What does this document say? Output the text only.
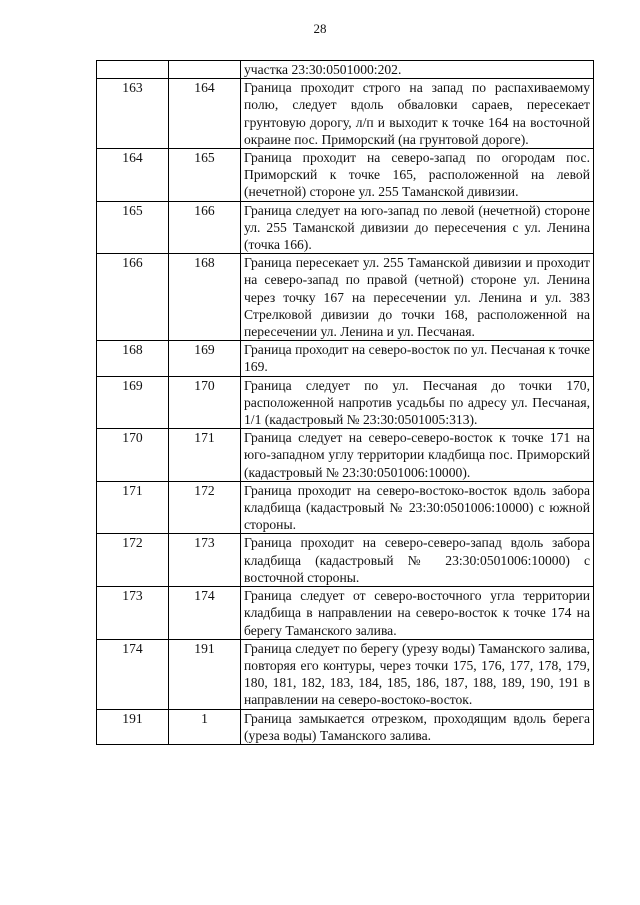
28
		участка 23:30:0501000:202.
163	164	Граница проходит строго на запад по распахиваемому полю, следует вдоль обваловки сараев, пересекает грунтовую дорогу, л/п и выходит к точке 164 на восточной окраине пос. Приморский (на грунтовой дороге).
164	165	Граница проходит на северо-запад по огородам пос. Приморский к точке 165, расположенной на левой (нечетной) стороне ул. 255 Таманской дивизии.
165	166	Граница следует на юго-запад по левой (нечетной) стороне ул. 255 Таманской дивизии до пересечения с ул. Ленина (точка 166).
166	168	Граница пересекает ул. 255 Таманской дивизии и проходит на северо-запад по правой (четной) стороне ул. Ленина через точку 167 на пересечении ул. Ленина и ул. 383 Стрелковой дивизии до точки 168, расположенной на пересечении ул. Ленина и ул. Песчаная.
168	169	Граница проходит на северо-восток по ул. Песчаная к точке 169.
169	170	Граница следует по ул. Песчаная до точки 170, расположенной напротив усадьбы по адресу ул. Песчаная, 1/1 (кадастровый № 23:30:0501005:313).
170	171	Граница следует на северо-северо-восток к точке 171 на юго-западном углу территории кладбища пос. Приморский (кадастровый № 23:30:0501006:10000).
171	172	Граница проходит на северо-востоко-восток вдоль забора кладбища (кадастровый № 23:30:0501006:10000) с южной стороны.
172	173	Граница проходит на северо-северо-запад вдоль забора кладбища (кадастровый № 23:30:0501006:10000) с восточной стороны.
173	174	Граница следует от северо-восточного угла территории кладбища в направлении на северо-восток к точке 174 на берегу Таманского залива.
174	191	Граница следует по берегу (урезу воды) Таманского залива, повторяя его контуры, через точки 175, 176, 177, 178, 179, 180, 181, 182, 183, 184, 185, 186, 187, 188, 189, 190, 191 в направлении на северо-востоко-восток.
191	1	Граница замыкается отрезком, проходящим вдоль берега (уреза воды) Таманского залива.
